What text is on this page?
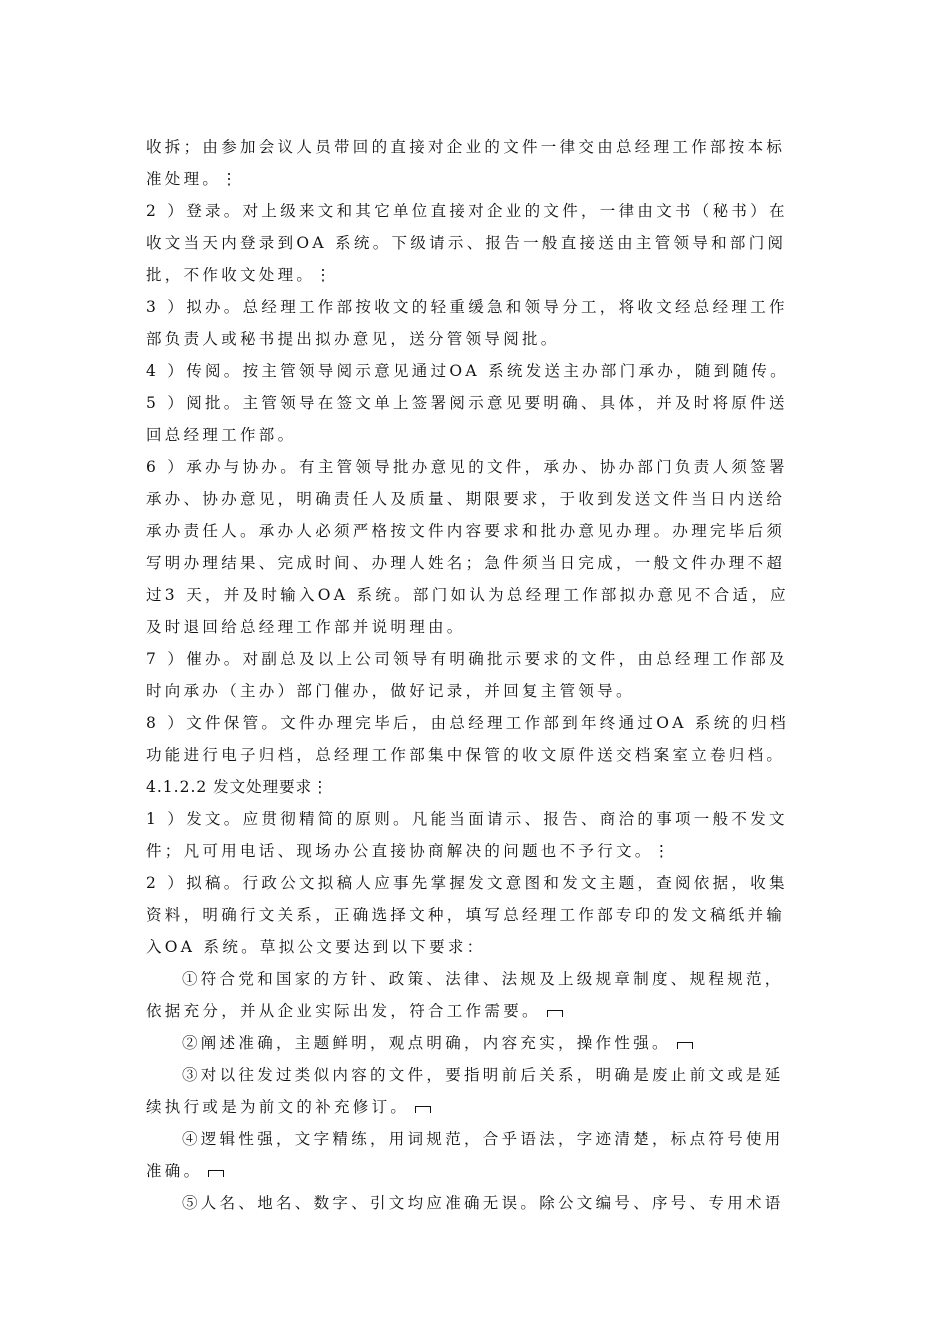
收拆；由参加会议人员带回的直接对企业的文件一律交由总经理工作部按本标
准处理。⋮
2 ）登录。对上级来文和其它单位直接对企业的文件，一律由文书（秘书）在
收文当天内登录到OA 系统。下级请示、报告一般直接送由主管领导和部门阅
批，不作收文处理。⋮
3 ）拟办。总经理工作部按收文的轻重缓急和领导分工，将收文经总经理工作
部负责人或秘书提出拟办意见，送分管领导阅批。
4 ）传阅。按主管领导阅示意见通过OA 系统发送主办部门承办，随到随传。
5 ）阅批。主管领导在签文单上签署阅示意见要明确、具体，并及时将原件送
回总经理工作部。
6 ）承办与协办。有主管领导批办意见的文件，承办、协办部门负责人须签署
承办、协办意见，明确责任人及质量、期限要求，于收到发送文件当日内送给
承办责任人。承办人必须严格按文件内容要求和批办意见办理。办理完毕后须
写明办理结果、完成时间、办理人姓名；急件须当日完成，一般文件办理不超
过3 天，并及时输入OA 系统。部门如认为总经理工作部拟办意见不合适，应
及时退回给总经理工作部并说明理由。
7 ）催办。对副总及以上公司领导有明确批示要求的文件，由总经理工作部及
时向承办（主办）部门催办，做好记录，并回复主管领导。
8 ）文件保管。文件办理完毕后，由总经理工作部到年终通过OA 系统的归档
功能进行电子归档，总经理工作部集中保管的收文原件送交档案室立卷归档。
4.1.2.2 发文处理要求⋮
1 ）发文。应贯彻精简的原则。凡能当面请示、报告、商洽的事项一般不发文
件；凡可用电话、现场办公直接协商解决的问题也不予行文。⋮
2 ）拟稿。行政公文拟稿人应事先掌握发文意图和发文主题，查阅依据，收集
资料，明确行文关系，正确选择文种，填写总经理工作部专印的发文稿纸并输
入OA 系统。草拟公文要达到以下要求：
①符合党和国家的方针、政策、法律、法规及上级规章制度、规程规范，
依据充分，并从企业实际出发，符合工作需要。
②阐述准确，主题鲜明，观点明确，内容充实，操作性强。
③对以往发过类似内容的文件，要指明前后关系，明确是废止前文或是延
续执行或是为前文的补充修订。
④逻辑性强，文字精练，用词规范，合乎语法，字迹清楚，标点符号使用
准确。
⑤人名、地名、数字、引文均应准确无误。除公文编号、序号、专用术语
